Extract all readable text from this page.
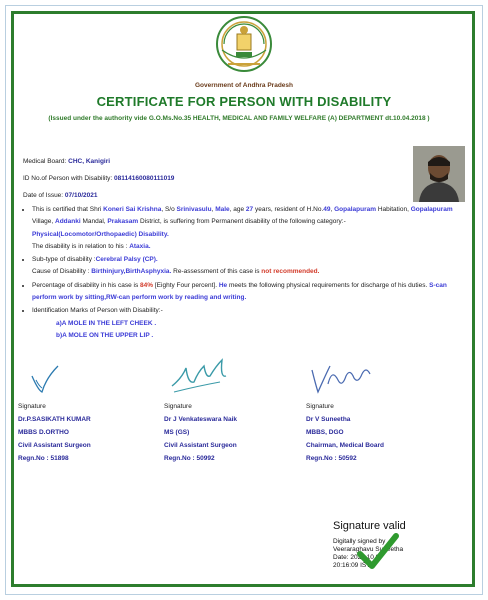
Government of Andhra Pradesh
CERTIFICATE FOR PERSON WITH DISABILITY
(Issued under the authority vide G.O.Ms.No.35 HEALTH, MEDICAL AND FAMILY WELFARE (A) DEPARTMENT dt.10.04.2018 )
Medical Board: CHC, Kanigiri
ID No.of Person with Disability: 08114160080111019
Date of Issue: 07/10/2021
• This is certified that Shri Koneri Sai Krishna, S/o Srinivasulu, Male, age 27 years, resident of H.No.49, Gopalapuram Habitation, Gopalapuram Village, Addanki Mandal, Prakasam District, is suffering from Permanent disability of the following category:-
Physical(Locomotor/Orthopaedic) Disability.
The disability is in relation to his : Ataxia.
• Sub-type of disability :Cerebral Palsy (CP).
Cause of Disability : Birthinjury,BirthAsphyxia. Re-assessment of this case is not recommended.
• Percentage of disability in his case is 84% [Eighty Four percent]. He meets the following physical requirements for discharge of his duties. S-can perform work by sitting,RW-can perform work by reading and writing.
• Identification Marks of Person with Disability:-
a)A MOLE IN THE LEFT CHEEK .
b)A MOLE ON THE UPPER LIP .
Signature
Dr.P.SASIKATH KUMAR
MBBS D.ORTHO
Civil Assistant Surgeon
Regn.No : 51898
Signature
Dr J Venkateswara Naik
MS (GS)
Civil Assistant Surgeon
Regn.No : 50992
Signature
Dr V Suneetha
MBBS, DGO
Chairman, Medical Board
Regn.No : 50592
Signature valid
Digitally signed by
Veeraraghavu Suneetha
Date: 2021.10.07
20:16:09 IST
